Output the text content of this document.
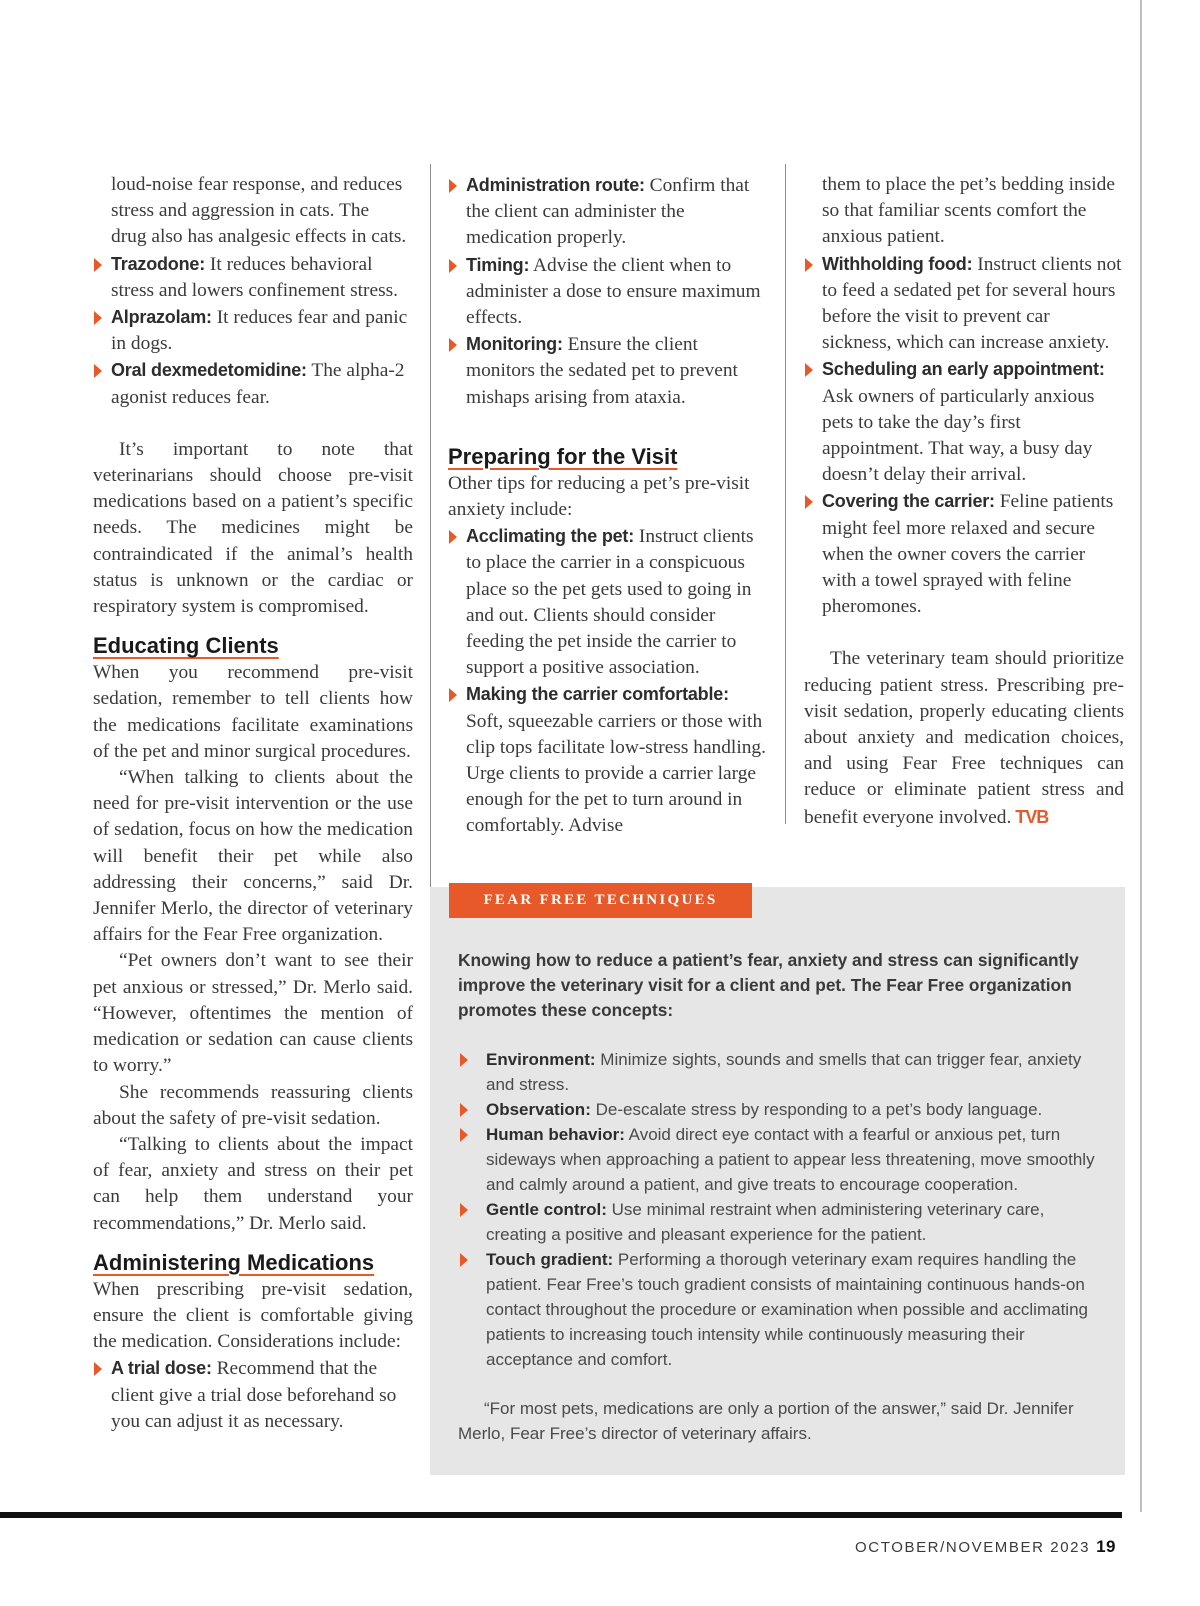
loud-noise fear response, and reduces

stress and aggression in cats. The

drug also has analgesic effects in cats.

Trazodone: It reduces behavioral stress and lowers confinement stress.
Alprazolam: It reduces fear and panic in dogs.
Oral dexmedetomidine: The alpha-2 agonist reduces fear.

It’s important to note that veterinarians should choose pre-visit medications based on a patient’s specific needs. The medicines might be contraindicated if the animal’s health status is unknown or the cardiac or respiratory system is compromised.

Educating Clients

When you recommend pre-visit sedation, remember to tell clients how the medications facilitate examinations of the pet and minor surgical procedures.

“When talking to clients about the need for pre-visit intervention or the use of sedation, focus on how the medication will benefit their pet while also addressing their concerns,” said Dr. Jennifer Merlo, the director of veterinary affairs for the Fear Free organization.

“Pet owners don’t want to see their pet anxious or stressed,” Dr. Merlo said. “However, oftentimes the mention of medication or sedation can cause clients to worry.”

She recommends reassuring clients about the safety of pre-visit sedation.

“Talking to clients about the impact of fear, anxiety and stress on their pet can help them understand your recommendations,” Dr. Merlo said.

Administering Medications

When prescribing pre-visit sedation, ensure the client is comfortable giving the medication. Considerations include:

A trial dose: Recommend that the client give a trial dose beforehand so you can adjust it as necessary.
Administration route: Confirm that the client can administer the medication properly.
Timing: Advise the client when to administer a dose to ensure maximum effects.
Monitoring: Ensure the client monitors the sedated pet to prevent mishaps arising from ataxia.
Preparing for the Visit

Other tips for reducing a pet’s pre-visit anxiety include:

Acclimating the pet: Instruct clients to place the carrier in a conspicuous place so the pet gets used to going in and out. Clients should consider feeding the pet inside the carrier to support a positive association.
Making the carrier comfortable: Soft, squeezable carriers or those with clip tops facilitate low-stress handling. Urge clients to provide a carrier large enough for the pet to turn around in comfortably. Advise

them to place the pet’s bedding inside so that familiar scents comfort the anxious patient.

Withholding food: Instruct clients not to feed a sedated pet for several hours before the visit to prevent car sickness, which can increase anxiety.
Scheduling an early appointment: Ask owners of particularly anxious pets to take the day’s first appointment. That way, a busy day doesn’t delay their arrival.
Covering the carrier: Feline patients might feel more relaxed and secure when the owner covers the carrier with a towel sprayed with feline pheromones.

The veterinary team should prioritize reducing patient stress. Prescribing pre-visit sedation, properly educating clients about anxiety and medication choices, and using Fear Free techniques can reduce or eliminate patient stress and benefit everyone involved. TVB

FEAR FREE TECHNIQUES

Knowing how to reduce a patient’s fear, anxiety and stress can significantly improve the veterinary visit for a client and pet. The Fear Free organization promotes these concepts:

Environment: Minimize sights, sounds and smells that can trigger fear, anxiety and stress.
Observation: De-escalate stress by responding to a pet’s body language.
Human behavior: Avoid direct eye contact with a fearful or anxious pet, turn sideways when approaching a patient to appear less threatening, move smoothly and calmly around a patient, and give treats to encourage cooperation.
Gentle control: Use minimal restraint when administering veterinary care, creating a positive and pleasant experience for the patient.
Touch gradient: Performing a thorough veterinary exam requires handling the patient. Fear Free’s touch gradient consists of maintaining continuous hands-on contact throughout the procedure or examination when possible and acclimating patients to increasing touch intensity while continuously measuring their acceptance and comfort.

“For most pets, medications are only a portion of the answer,” said Dr. Jennifer Merlo, Fear Free’s director of veterinary affairs.

OCTOBER/NOVEMBER 2023 19
